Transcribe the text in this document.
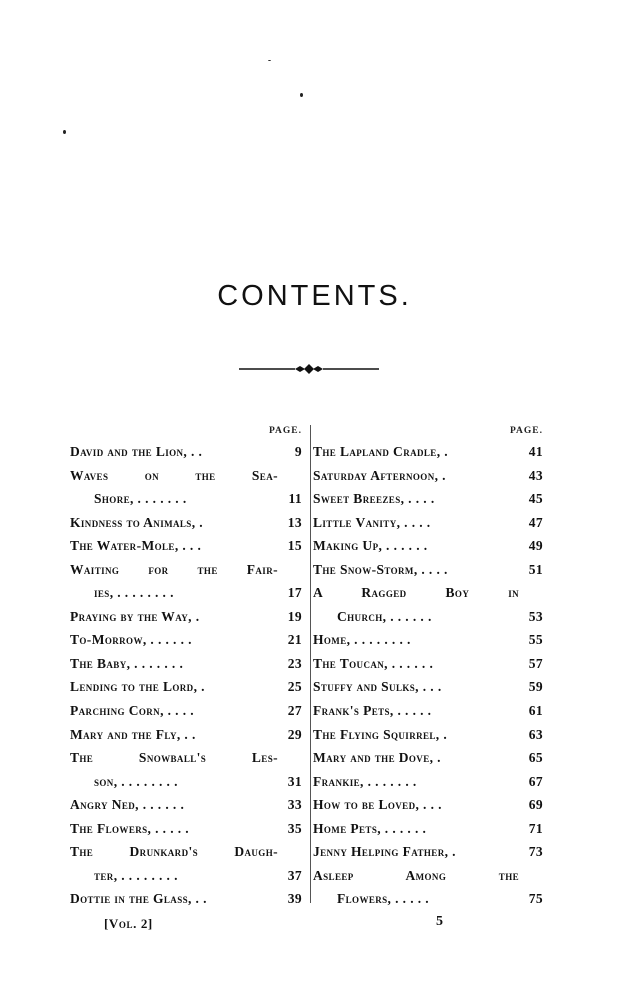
CONTENTS.
PAGE.
David and the Lion, . .	9
Waves on the Sea-
Shore, . . . . . . .	11
Kindness to Animals, .	13
The Water-Mole, . . .	15
Waiting for the Fair-
ies, . . . . . . . .	17
Praying by the Way, .	19
To-Morrow, . . . . . .	21
The Baby, . . . . . . .	23
Lending to the Lord, .	25
Parching Corn, . . . .	27
Mary and the Fly, . .	29
The Snowball's Les-
son, . . . . . . . .	31
Angry Ned, . . . . . .	33
The Flowers, . . . . .	35
The Drunkard's Daugh-
ter, . . . . . . . .	37
Dottie in the Glass, . .	39
PAGE.
The Lapland Cradle, .	41
Saturday Afternoon, .	43
Sweet Breezes, . . . .	45
Little Vanity, . . . .	47
Making Up, . . . . . .	49
The Snow-Storm, . . . .	51
A Ragged Boy in
Church, . . . . . .	53
Home, . . . . . . . .	55
The Toucan, . . . . . .	57
Stuffy and Sulks, . . .	59
Frank's Pets, . . . . .	61
The Flying Squirrel, .	63
Mary and the Dove, .	65
Frankie, . . . . . . .	67
How to be Loved, . . .	69
Home Pets, . . . . . .	71
Jenny Helping Father, .	73
Asleep Among the
Flowers, . . . . .	75
[Vol. 2]	5
